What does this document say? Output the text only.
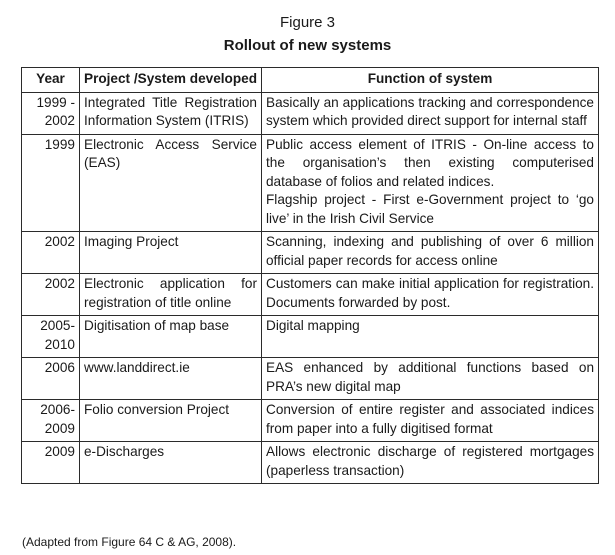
Figure 3
Rollout of new systems
Year	Project /System developed	Function of system
1999 - 2002	Integrated Title Registration Information System (ITRIS)	Basically an applications tracking and correspondence system which provided direct support for internal staff

1999	Electronic Access Service (EAS)	Public access element of ITRIS - On-line access to the organisation’s then existing computerised database of folios and related indices.
Flagship project - First e-Government project to ‘go live’ in the Irish Civil Service

2002	Imaging Project	Scanning, indexing and publishing of over 6 million official paper records for access online

2002	Electronic application for registration of title online	Customers can make initial application for registration. Documents forwarded by post.

2005- 2010	Digitisation of map base	Digital mapping

2006	www.landdirect.ie	EAS enhanced by additional functions based on PRA’s new digital map

2006- 2009	Folio conversion Project	Conversion of entire register and associated indices from paper into a fully digitised format

2009	e-Discharges	Allows electronic discharge of registered mortgages (paperless transaction)
(Adapted from Figure 64 C & AG, 2008).
